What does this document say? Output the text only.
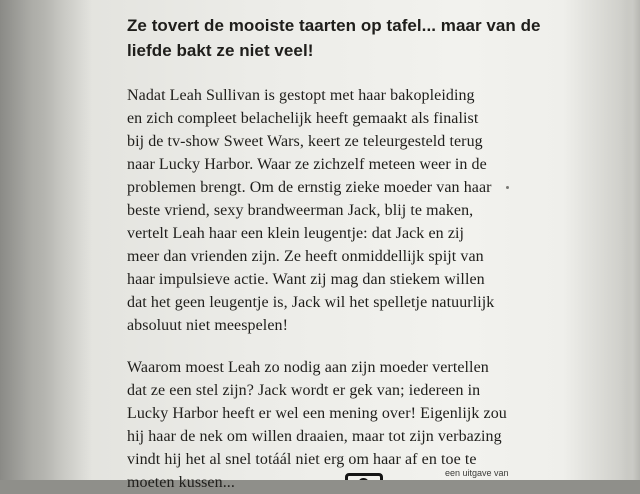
Ze tovert de mooiste taarten op tafel... maar van de
liefde bakt ze niet veel!

Nadat Leah Sullivan is gestopt met haar bakopleiding
en zich compleet belachelijk heeft gemaakt als finalist
bij de tv-show Sweet Wars, keert ze teleurgesteld terug
naar Lucky Harbor. Waar ze zichzelf meteen weer in de
problemen brengt. Om de ernstig zieke moeder van haar
beste vriend, sexy brandweerman Jack, blij te maken,
vertelt Leah haar een klein leugentje: dat Jack en zij
meer dan vrienden zijn. Ze heeft onmiddellijk spijt van
haar impulsieve actie. Want zij mag dan stiekem willen
dat het geen leugentje is, Jack wil het spelletje natuurlijk
absoluut niet meespelen!

Waarom moest Leah zo nodig aan zijn moeder vertellen
dat ze een stel zijn? Jack wordt er gek van; iedereen in
Lucky Harbor heeft er wel een mening over! Eigenlijk zou
hij haar de nek om willen draaien, maar tot zijn verbazing
vindt hij het al snel totáál niet erg om haar af en toe te
moeten kussen...

een uitgave van
